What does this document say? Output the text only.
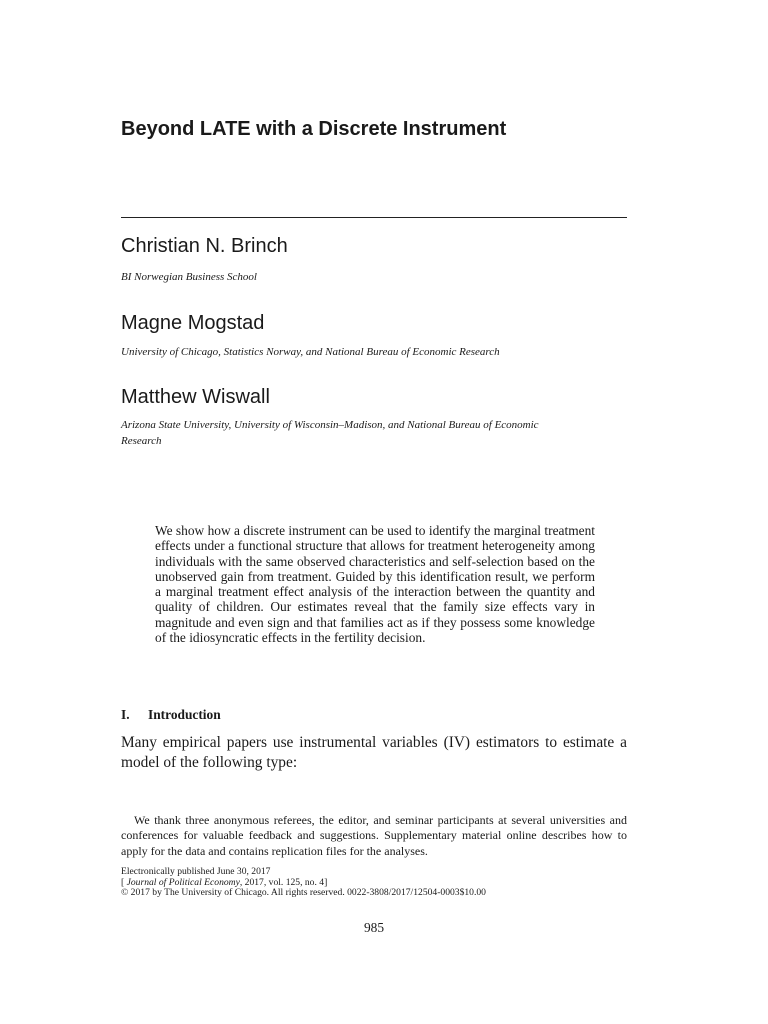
Beyond LATE with a Discrete Instrument
Christian N. Brinch
BI Norwegian Business School
Magne Mogstad
University of Chicago, Statistics Norway, and National Bureau of Economic Research
Matthew Wiswall
Arizona State University, University of Wisconsin–Madison, and National Bureau of Economic Research

We show how a discrete instrument can be used to identify the marginal treatment effects under a functional structure that allows for treatment heterogeneity among individuals with the same observed characteristics and self-selection based on the unobserved gain from treatment. Guided by this identification result, we perform a marginal treatment effect analysis of the interaction between the quantity and quality of children. Our estimates reveal that the family size effects vary in magnitude and even sign and that families act as if they possess some knowledge of the idiosyncratic effects in the fertility decision.

I. Introduction

Many empirical papers use instrumental variables (IV) estimators to estimate a model of the following type:

We thank three anonymous referees, the editor, and seminar participants at several universities and conferences for valuable feedback and suggestions. Supplementary material online describes how to apply for the data and contains replication files for the analyses.

Electronically published June 30, 2017
[ Journal of Political Economy, 2017, vol. 125, no. 4]
© 2017 by The University of Chicago. All rights reserved. 0022-3808/2017/12504-0003$10.00
985
